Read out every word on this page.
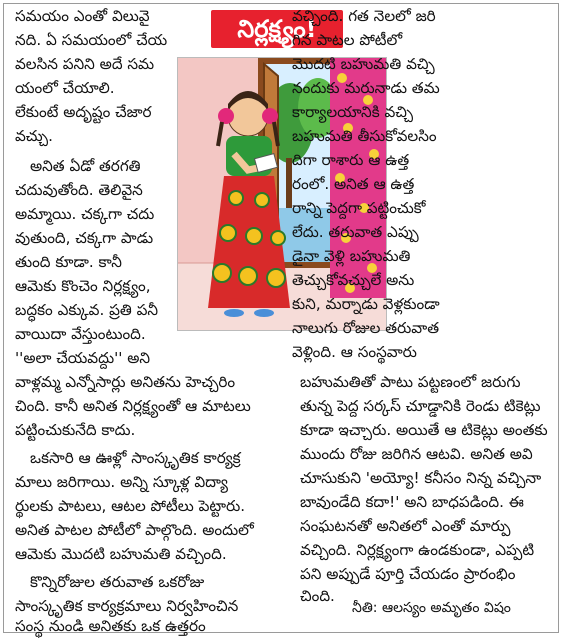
నిర్లక్ష్యం!
సమయం ఎంతో విలువై
నది. ఏ సమయంలో చేయ
వలసిన పనిని అదే సమ
యంలో చేయాలి.
లేకుంటే అదృష్టం చేజార
వచ్చు.
అనిత ఏడో తరగతి
చదువుతోంది. తెలివైన
అమ్మాయి. చక్కగా చదు
వుతుంది, చక్కగా పాడు
తుంది కూడా. కానీ
ఆమెకు కొంచెం నిర్లక్ష్యం,
బద్ధకం ఎక్కువ. ప్రతి పనీ
వాయిదా వేస్తుంటుంది.
''అలా చేయవద్దు'' అని
వచ్చింది. గత నెలలో జరి
గిన పాటల పోటీలో
మొదటి బహుమతి వచ్చి
నందుకు మరునాడు తమ
కార్యాలయానికి వచ్చి
బహుమతి తీసుకోవలసిం
దిగా రాశారు ఆ ఉత్త
రంలో. అనిత ఆ ఉత్త
రాన్ని పెద్దగా పట్టించుకో
లేదు. తరువాత ఎప్పు
డైనా వెళ్లి బహుమతి
తెచ్చుకోవచ్చులే అను
కుని, మర్నాడు వెళ్లకుండా
నాలుగు రోజుల తరువాత
వెళ్లింది. ఆ సంస్థవారు
వాళ్లమ్మ ఎన్నోసార్లు అనితను హెచ్చరిం
చింది. కానీ అనిత నిర్లక్ష్యంతో ఆ మాటలు
పట్టించుకునేది కాదు.
ఒకసారి ఆ ఊళ్లో సాంస్కృతిక కార్యక్ర
మాలు జరిగాయి. అన్ని స్కూళ్ల విద్యా
ర్థులకు పాటలు, ఆటల పోటీలు పెట్టారు.
అనిత పాటల పోటీలో పాల్గొంది. అందులో
ఆమెకు మొదటి బహుమతి వచ్చింది.
కొన్నిరోజుల తరువాత ఒకరోజు
సాంస్కృతిక కార్యక్రమాలు నిర్వహించిన
సంస్థ నుండి అనితకు ఒక ఉత్తరం
బహుమతితో పాటు పట్టణంలో జరుగు
తున్న పెద్ద సర్కస్ చూడ్డానికి రెండు టికెట్లు
కూడా ఇచ్చారు. అయితే ఆ టికెట్లు అంతకు
ముందు రోజు జరిగిన ఆటవి. అనిత అవి
చూసుకుని 'అయ్యో! కనీసం నిన్న వచ్చినా
బావుండేది కదా!' అని బాధపడింది. ఈ
సంఘటనతో అనితలో ఎంతో మార్పు
వచ్చింది. నిర్లక్ష్యంగా ఉండకుండా, ఎప్పటి
పని అప్పుడే పూర్తి చేయడం ప్రారంభిం
చింది.
నీతి: ఆలస్యం అమృతం విషం
